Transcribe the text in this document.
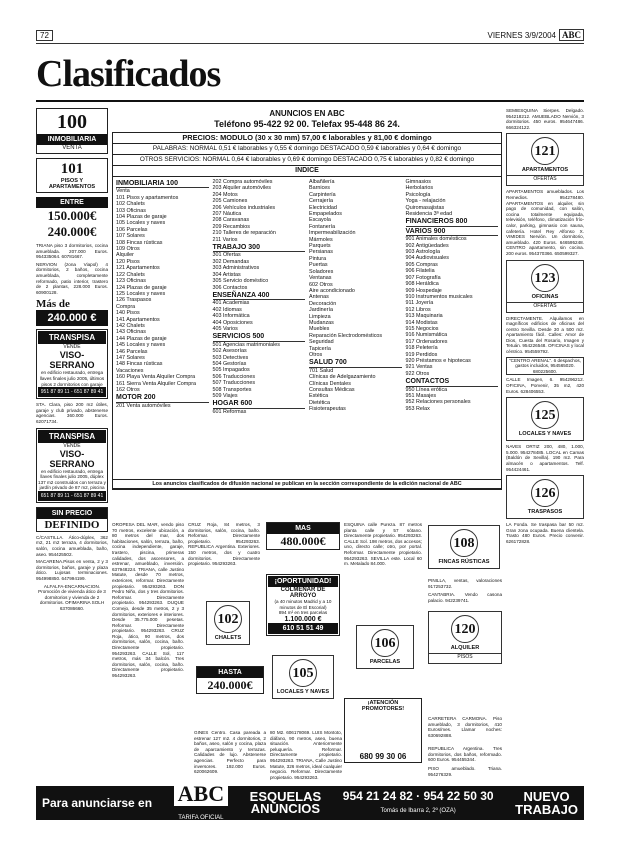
72	VIERNES 3/9/2004 ABC
Clasificados
100
INMOBILIARIA
VENTA
101
PISOS Y
APARTAMENTOS
ENTRE
150.000€
240.000€

TRIANA piso 3 dormitorios, cocina amueblada. 207.000 Euros. 954335064. 60781667.

NERVION (zona Viapol) 4 dormitorios, 2 baños, cocina amueblada, completamente reformado, patio interior, trastero de 2 plantas, 228.000 Euros. 60900128.

Más de
240.000 €
TRANSPISA
VENDE
VISO-SERRANO
en edificio restaurado, entrega llaves finales julio 2005, últimos pisos 2 dormitorios con garaje
951 87 89 11 - 651 87 89 41

STA. Clara, piso 200 m2 útiles, garaje y club privado, abstenerse agencias. 360.000 Euros. 62071734.

TRANSPISA
VENDE
VISO-SERRANO
en edificio restaurado, entrega llaves finales julio 2005, dúplex 137 m2 construidos con terraza y jardín privado de 87 m2, piscina
651 87 89 11 - 651 87 89 41
SIN PRECIO
DEFINIDO

C/CASTILLA. Ático-dúplex, 362 m2, 21 m2 terraza, 4 dormitorios, salón, cocina amueblada, baño, aseo. 954425502.

MACARENA.Pisos en venta, 2 y 3 dormitorios, baños, garaje y plaza ático. Lujosas terminaciones. 954998850. 647994199.

ALFALFA-ENCARNACION. Promoción de vivienda ático de 3 dormitorios y vivienda de 2 dormitorios. OFIMARINA SOLH 637086660.

ANUNCIOS EN ABC
Teléfono 95-422 92 00. Telefax 95-448 86 24.
PRECIOS: MODULO (30 x 30 mm) 57,00 € laborables y 81,00 € domingo
PALABRAS: NORMAL 0,51 € laborables y 0,55 € domingo DESTACADO 0,59 € laborables y 0,64 € domingo
OTROS SERVICIOS: NORMAL 0,64 € laborables y 0,69 € domingo DESTACADO 0,75 € laborables y 0,82 € domingo
INDICE
INMOBILIARIA 100
Venta
101 Pisos y apartamentos
102 Chalets
103 Oficinas
104 Plazas de garaje
105 Locales y naves
106 Parcelas
107 Solares
108 Fincas rústicas
109 Otros
Alquiler
120 Pisos
121 Apartamentos
122 Chalets
123 Oficinas
124 Plazas de garaje
125 Locales y naves
126 Traspasos
Compra
140 Pisos
141 Apartamentos
142 Chalets
143 Oficinas
144 Plazas de garaje
145 Locales y naves
146 Parcelas
147 Solares
148 Fincas rústicas
Vacaciones
160 Playa Venta Alquiler Compra
161 Sierra Venta Alquiler Compra
162 Otros
MOTOR 200
201 Venta automóviles
202 Compra automóviles
203 Alquiler automóviles
204 Motos
205 Camiones
206 Vehículos industriales
207 Náutica
208 Caravanas
209 Recambios
210 Talleres de reparación
211 Varios
TRABAJO 300
301 Ofertas
302 Demandas
303 Administrativos
304 Artistas
305 Servicio doméstico
306 Contactos
ENSEÑANZA 400
401 Academias
402 Idiomas
403 Informática
404 Oposiciones
405 Varios
SERVICIOS 500
501 Agencias matrimoniales
502 Asesorías
503 Detectives
504 Gestorías
505 Impagados
506 Traducciones
507 Traducciones
508 Transportes
509 Viajes
HOGAR 600
601 Reformas
Albañilería
Barnices
Carpintería
Cerrajería
Electricidad
Empapelados
Escayola
Fontanería
Impermeabilización
Mármoles
Parquets
Persianas
Pintura
Puertas
Soladores
Ventanas
602 Otros
Aire acondicionado
Antenas
Decoración
Jardinería
Limpieza
Mudanzas
Muebles
Reparación Electrodomésticos
Seguridad
Tapicería
Otros
SALUD 700
701 Salud
Clínicas de Adelgazamiento
Clínicas Dentales
Consultas Médicas
Estética
Dietética
Fisioterapeutas
Gimnasios
Herbolarios
Psicología
Yoga - relajación
Quiromasajistas
Residencia 3ª edad
FINANCIEROS 800
VARIOS 900
901 Animales domésticos
902 Antigüedades
903 Astrología
904 Audiovisuales
905 Compras
906 Filatelia
907 Fotografía
908 Heráldica
909 Hospedaje
910 Instrumentos musicales
911 Joyería
912 Libros
913 Maquinaria
914 Modistas
915 Negocios
916 Numismática
917 Ordenadores
918 Peletería
919 Perdidos
920 Préstamos e hipotecas
921 Ventas
922 Otros
CONTACTOS
950 Línea erótica
951 Masajes
952 Relaciones personales
953 Relax
Los anuncios clasificados de difusión nacional se publican en la sección correspondiente de la edición nacional de ABC

SEMIESQUINA Sierpes. Delgado. 954218212. AMUEBLADO Nervión, 3 dormitorios. 450 euros. 954647486. 666324122.

121
APARTAMENTOS
OFERTAS

APARTAMENTOS amueblados. Los Remedios. 954278480. APARTAMENTOS en alquiler, sin pago de comunidad, con salón, cocina totalmente equipada, televisión, teléfono, climatización frío-calor, parking, gimnasio con sauna, cafetería. Hotel Rey Alfonso X. VIMIDES Nervión. Un dormitorio, amueblado. 420 Euros. 646595248. CENTRO apartamento, sin cocina. 200 euros. 954370366. 650599327.

123
OFICINAS
OFERTAS

DIRECTAMENTE. Alquilamos en magníficos edificios de oficinas del centro Sevilla. Desde 30 a 500 m2. Apartamiento fácil. Calles: Amor de Dios, Cuesta del Rosario, Imagen y Tetuán. 954226548. OFICINAS y local céntrico. 954559792.

"CENTRO ARENAL". 6 despachos, gastos incluidos, 954565020. 680225600.

CALLE Imagen, 6. 954296212. OFICINA, Porvenir, 35 m2, 420 Euros. 628406553.

125
LOCALES Y NAVES

NAVES ORTIZ 200, 480, 1.000, 5.000. 954278485. LOCAL en Camas (Baldón de Sevilla). 190 m2. Para almacén o apartamentos. Telf. 954424461.

126
TRASPASOS

LA Fonda. Se traspasa bar 50 m2. Gran zona ocupada. Buena clientela. Trasto 480 Euros. Precio convenir. 626172828.

OROPESA DEL MAR, vendo piso 70 metros, excelente ubicación, a 80 metros del mar, dos habitaciones, salón, terraza, baño, cocina independiente, garaje, trastero, piscina, primeras calidades, dos ascensores, a estrenar, amueblado, inversión. 637948224. TRIANA, calle Justino Matute, desde 70 metros, exteriores, reformar. Directamente propietario. 954293263. DON Pedro Niño, dos y tres dormitorios. Reformar. Directamente propietario. 954293263. DUQUE Cornejo, desde 35 metros, 2 y 3 dormitorios, exteriores e interiores. Desde 35.775.000 pesetas. Reformar. Directamente propietario. 954293263. CRUZ Roja, ático, 90 metros, dos dormitorios, salón, cocina, baño. Directamente propietario. 954293263. CALLE Sol, 117 metros, más 34 balcón. Tres dormitorios, salón, cocina, baño. Directamente propietario. 954293263.

CRUZ Roja, 84 metros, 3 dormitorios, salón, cocina, baño. Reformar. Directamente propietario. 954293263. REPUBLICA Argentina. Exteriores. 150 metros, dos y cuatro dormitorios. Directamente propietario. 954293263.

102
CHALETS
HASTA
240.000€

GINES Centro. Casa pareada a estrenar 127 m2. 4 dormitorios, 2 baños, aseo, salón y cocina, plaza de aparcamiento y terrazas. Calidades de lujo. Abstenerse agencias. Perfecto para inversores. 192.000 Euros. 620062609.

MAS
480.000€
¡OPORTUNIDAD!
COLMENAR DE ARROYO
(a 40 minutos Madrid y a 10 minutos de El Escorial)
894 m² en tres parcelas
1.100.000 €
610 51 51 49
105
LOCALES Y NAVES

80 M2. 606178069. LUIS Montoto, diáfano, 90 metros, aseo, buena situación. Anteriormente peluquería. Reformar. Directamente propietario. 954293263. TRIANA, Calle Justino Matute, 326 metros, ideal cualquier negocio. Reformar. Directamente propietario. 954293263.

ESQUINA calle Pureza. 87 metros planta calle y 57 sótano. Directamente propietario. 954293263. CALLE Sol. 198 metros, dos accesos; uno, directo calle; otro, por portal. Reformar. Directamente propietario. 954293263. SEVILLA este. Local 60 m. Metalado 84.000.

106
PARCELAS
¡ATENCIÓN PROMOTORES!
680 99 30 06
108
FINCAS RÚSTICAS

PINILLA, ventas, valoraciones 917253732.

CANTABRIA. Vendo casona palacio. 942239741.

120
ALQUILER
PISOS

CARRETERA CARMONA. Piso amueblado, 3 dormitorios, 410 Euros/mes. Llamar noches: 630692888.

REPUBLICA Argentina. Tres dormitorios, dos baños, reformado. 600 Euros. 954455344.

PISO amueblado. Triana. 954276329.

Para anunciarse en ABC
TARIFA OFICIAL
ESQUELAS
ANUNCIOS
954 21 24 82 · 954 22 50 30
Tomás de Ibarra 2, 2º (OZA)
NUEVO
TRABAJO
